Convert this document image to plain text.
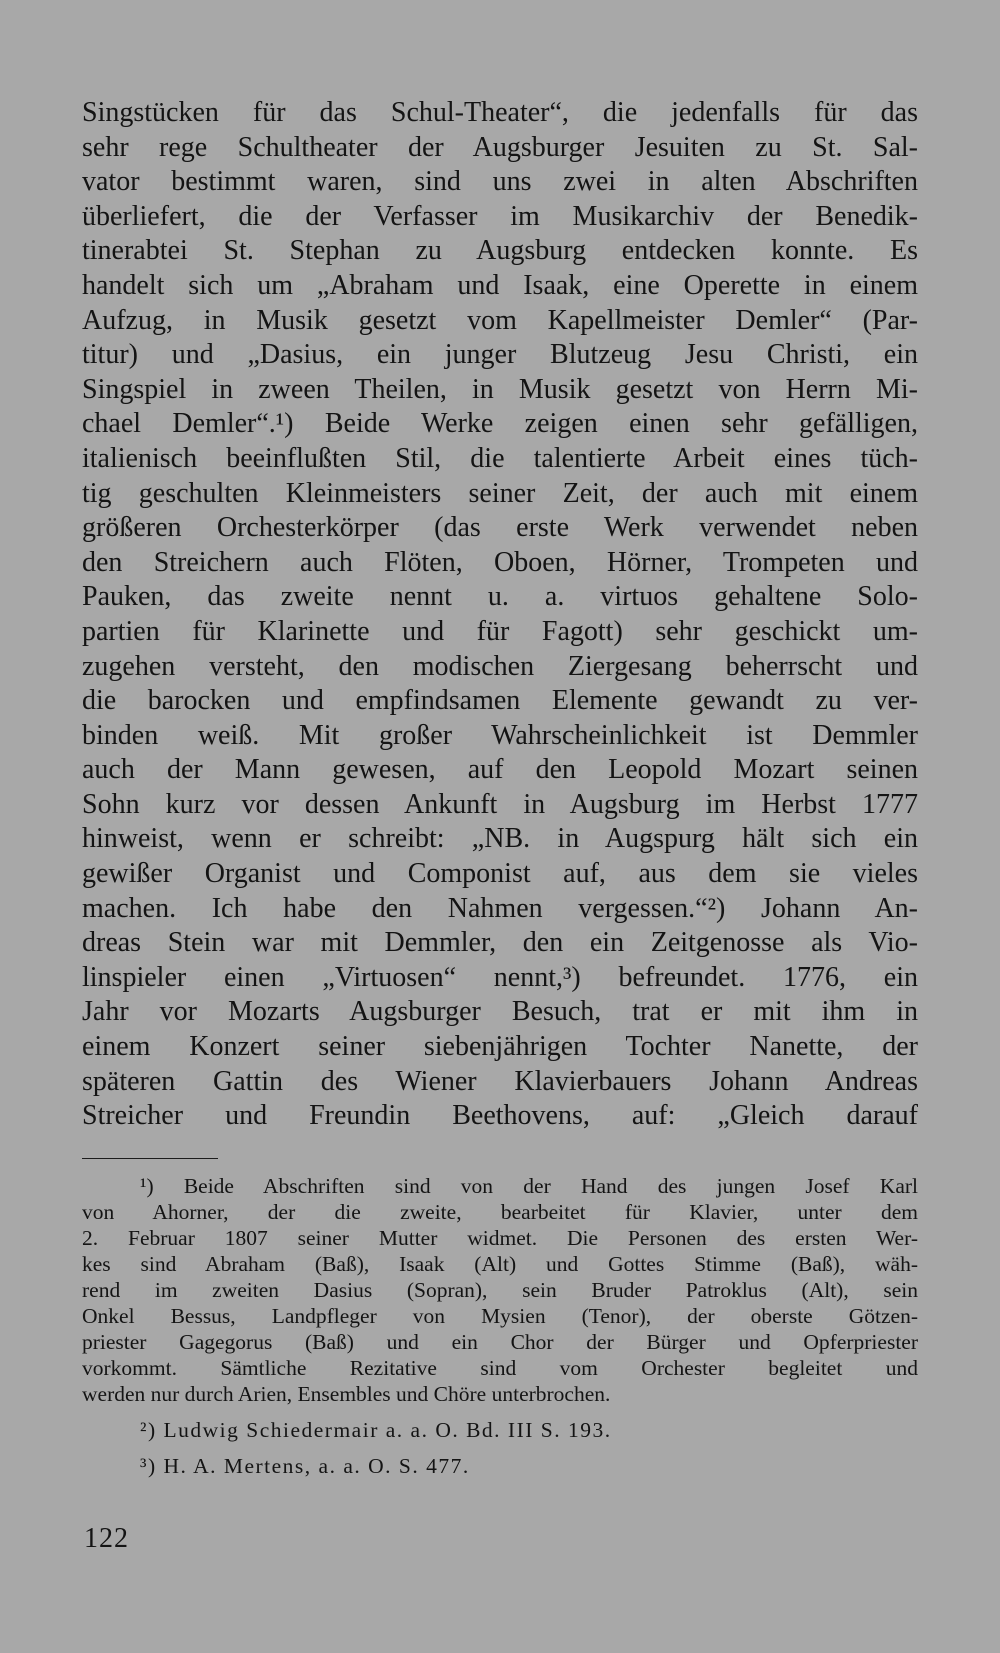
Singstücken für das Schul-Theater“, die jedenfalls für das
sehr rege Schultheater der Augsburger Jesuiten zu St. Sal-
vator bestimmt waren, sind uns zwei in alten Abschriften
überliefert, die der Verfasser im Musikarchiv der Benedik-
tinerabtei St. Stephan zu Augsburg entdecken konnte. Es
handelt sich um „Abraham und Isaak, eine Operette in einem
Aufzug, in Musik gesetzt vom Kapellmeister Demler“ (Par-
titur) und „Dasius, ein junger Blutzeug Jesu Christi, ein
Singspiel in zween Theilen, in Musik gesetzt von Herrn Mi-
chael Demler“.¹) Beide Werke zeigen einen sehr gefälligen,
italienisch beeinflußten Stil, die talentierte Arbeit eines tüch-
tig geschulten Kleinmeisters seiner Zeit, der auch mit einem
größeren Orchesterkörper (das erste Werk verwendet neben
den Streichern auch Flöten, Oboen, Hörner, Trompeten und
Pauken, das zweite nennt u. a. virtuos gehaltene Solo-
partien für Klarinette und für Fagott) sehr geschickt um-
zugehen versteht, den modischen Ziergesang beherrscht und
die barocken und empfindsamen Elemente gewandt zu ver-
binden weiß. Mit großer Wahrscheinlichkeit ist Demmler
auch der Mann gewesen, auf den Leopold Mozart seinen
Sohn kurz vor dessen Ankunft in Augsburg im Herbst 1777
hinweist, wenn er schreibt: „NB. in Augspurg hält sich ein
gewißer Organist und Componist auf, aus dem sie vieles
machen. Ich habe den Nahmen vergessen.“²) Johann An-
dreas Stein war mit Demmler, den ein Zeitgenosse als Vio-
linspieler einen „Virtuosen“ nennt,³) befreundet. 1776, ein
Jahr vor Mozarts Augsburger Besuch, trat er mit ihm in
einem Konzert seiner siebenjährigen Tochter Nanette, der
späteren Gattin des Wiener Klavierbauers Johann Andreas
Streicher und Freundin Beethovens, auf: „Gleich darauf
¹) Beide Abschriften sind von der Hand des jungen Josef Karl
von Ahorner, der die zweite, bearbeitet für Klavier, unter dem
2. Februar 1807 seiner Mutter widmet. Die Personen des ersten Wer-
kes sind Abraham (Baß), Isaak (Alt) und Gottes Stimme (Baß), wäh-
rend im zweiten Dasius (Sopran), sein Bruder Patroklus (Alt), sein
Onkel Bessus, Landpfleger von Mysien (Tenor), der oberste Götzen-
priester Gagegorus (Baß) und ein Chor der Bürger und Opferpriester
vorkommt. Sämtliche Rezitative sind vom Orchester begleitet und
werden nur durch Arien, Ensembles und Chöre unterbrochen.
²) Ludwig Schiedermair a. a. O. Bd. III S. 193.
³) H. A. Mertens, a. a. O. S. 477.
122
